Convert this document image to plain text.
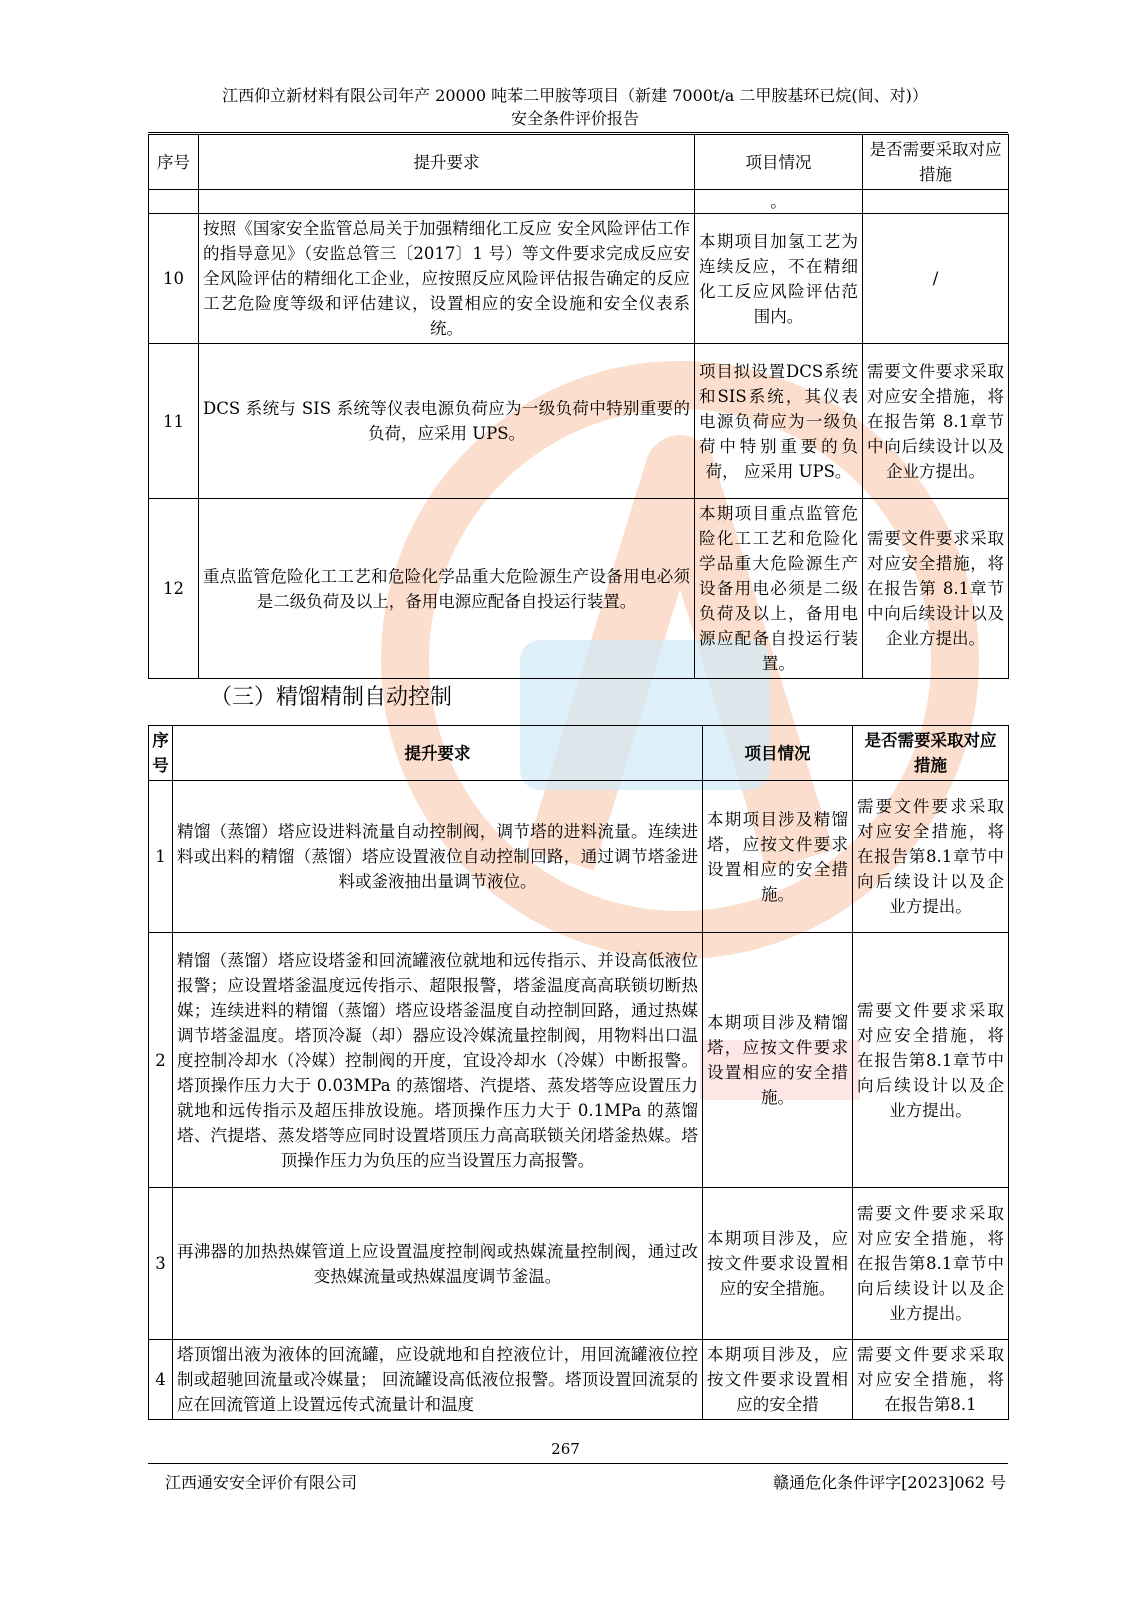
江西仰立新材料有限公司年产 20000 吨苯二甲胺等项目（新建 7000t/a 二甲胺基环已烷(间、对)）
安全条件评价报告
序号	提升要求	项目情况	是否需要采取对应措施
		。	
10	按照《国家安全监管总局关于加强精细化工反应 安全风险评估工作的指导意见》（安监总管三〔2017〕1 号）等文件要求完成反应安全风险评估的精细化工企业，应按照反应风险评估报告确定的反应工艺危险度等级和评估建议，设置相应的安全设施和安全仪表系统。	本期项目加氢工艺为连续反应，不在精细化工反应风险评估范围内。	/
11	DCS 系统与 SIS 系统等仪表电源负荷应为一级负荷中特别重要的负荷，应采用 UPS。	项目拟设置DCS系统和SIS系统，其仪表电源负荷应为一级负荷中特别重要的负荷， 应采用 UPS。	需要文件要求采取对应安全措施，将在报告第 8.1章节中向后续设计以及企业方提出。
12	重点监管危险化工工艺和危险化学品重大危险源生产设备用电必须是二级负荷及以上，备用电源应配备自投运行装置。	本期项目重点监管危险化工工艺和危险化学品重大危险源生产设备用电必须是二级负荷及以上，备用电源应配备自投运行装置。	需要文件要求采取对应安全措施，将在报告第 8.1章节中向后续设计以及企业方提出。
（三）精馏精制自动控制
序号	提升要求	项目情况	是否需要采取对应措施
1	精馏（蒸馏）塔应设进料流量自动控制阀，调节塔的进料流量。连续进料或出料的精馏（蒸馏）塔应设置液位自动控制回路，通过调节塔釜进料或釜液抽出量调节液位。	本期项目涉及精馏塔，应按文件要求设置相应的安全措施。	需要文件要求采取对应安全措施，将在报告第8.1章节中向后续设计以及企业方提出。
2	精馏（蒸馏）塔应设塔釜和回流罐液位就地和远传指示、并设高低液位报警；应设置塔釜温度远传指示、超限报警，塔釜温度高高联锁切断热媒；连续进料的精馏（蒸馏）塔应设塔釜温度自动控制回路，通过热媒调节塔釜温度。塔顶冷凝（却）器应设冷媒流量控制阀，用物料出口温度控制冷却水（冷媒）控制阀的开度，宜设冷却水（冷媒）中断报警。塔顶操作压力大于 0.03MPa 的蒸馏塔、汽提塔、蒸发塔等应设置压力就地和远传指示及超压排放设施。塔顶操作压力大于 0.1MPa 的蒸馏塔、汽提塔、蒸发塔等应同时设置塔顶压力高高联锁关闭塔釜热媒。塔顶操作压力为负压的应当设置压力高报警。	本期项目涉及精馏塔，应按文件要求设置相应的安全措施。	需要文件要求采取对应安全措施，将在报告第8.1章节中向后续设计以及企业方提出。
3	再沸器的加热热媒管道上应设置温度控制阀或热媒流量控制阀，通过改变热媒流量或热媒温度调节釜温。	本期项目涉及，应按文件要求设置相应的安全措施。	需要文件要求采取对应安全措施，将在报告第8.1章节中向后续设计以及企业方提出。
4	塔顶馏出液为液体的回流罐，应设就地和自控液位计，用回流罐液位控制或超驰回流量或冷媒量； 回流罐设高低液位报警。塔顶设置回流泵的应在回流管道上设置远传式流量计和温度	本期项目涉及，应按文件要求设置相应的安全措	需要文件要求采取对应安全措施，将在报告第8.1
267
江西通安安全评价有限公司	赣通危化条件评字[2023]062 号
